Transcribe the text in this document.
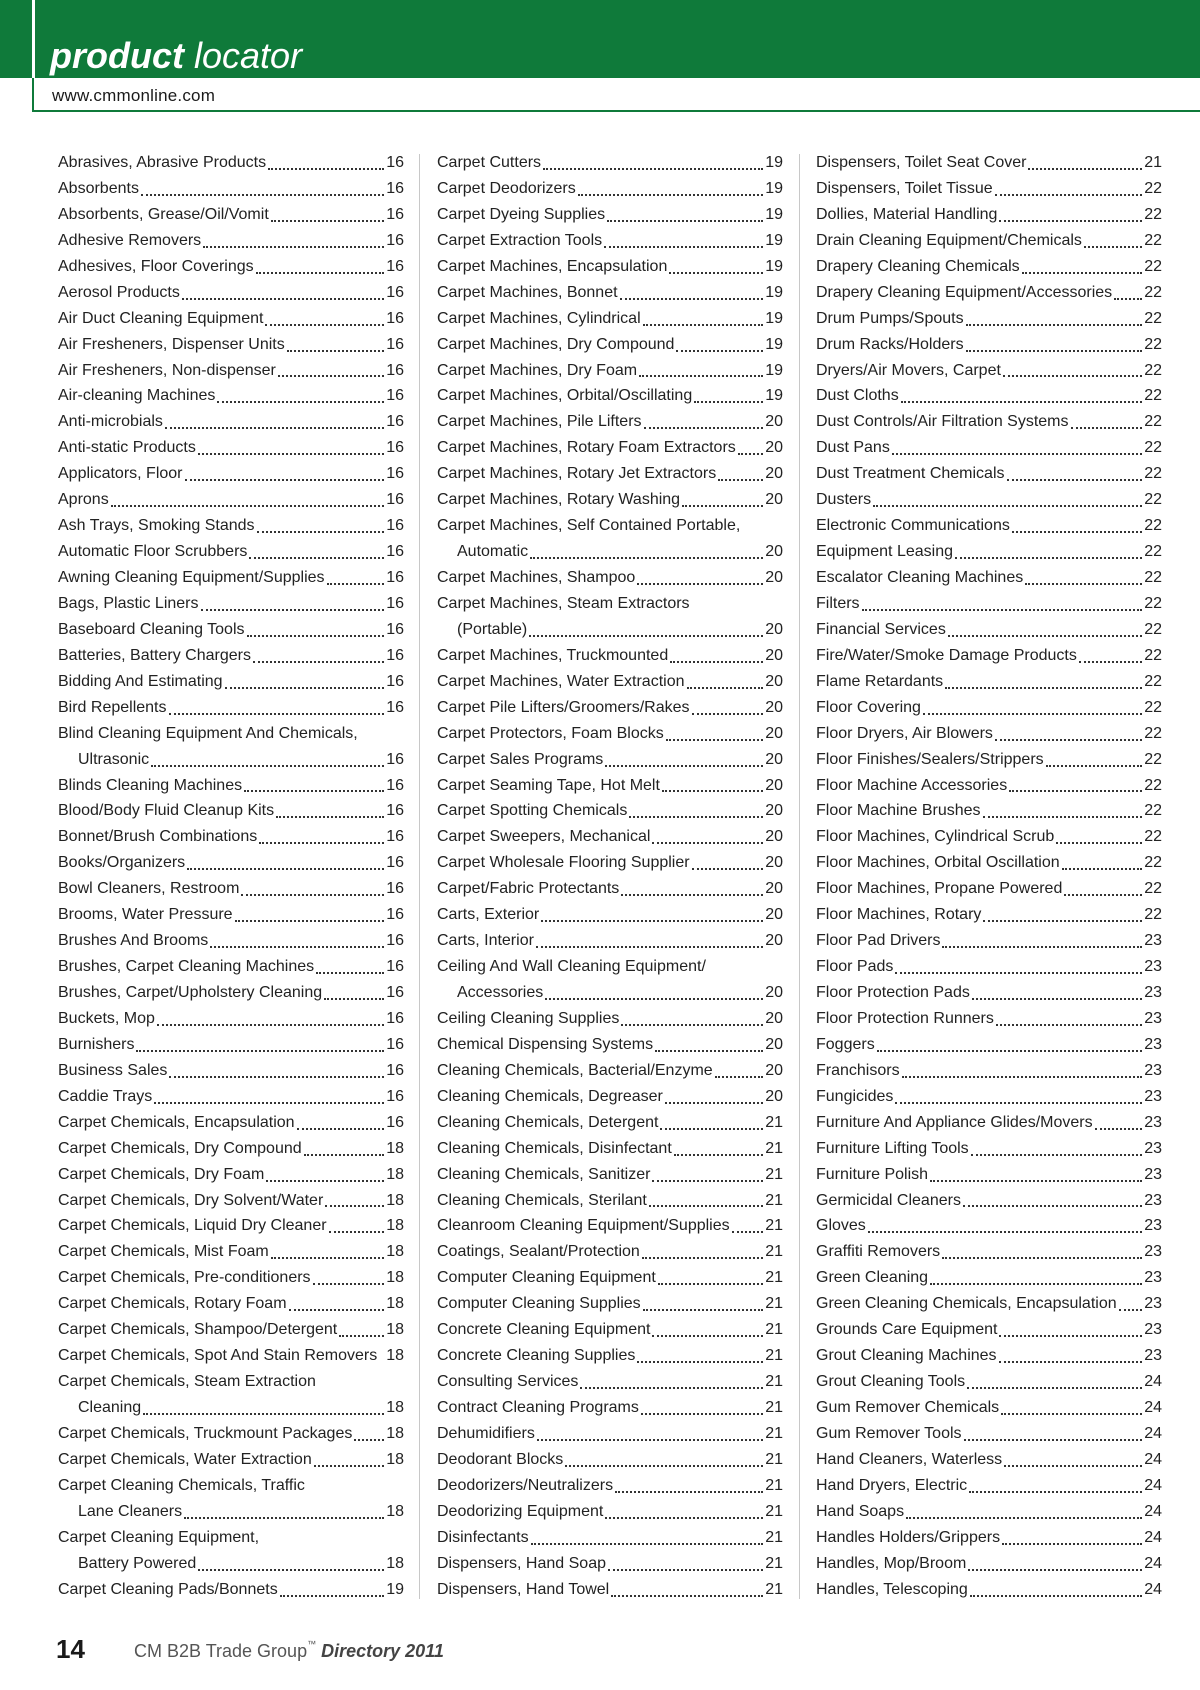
product locator
www.cmmonline.com
Abrasives, Abrasive Products	16
Absorbents	16
Absorbents, Grease/Oil/Vomit	16
Adhesive Removers	16
Adhesives, Floor Coverings	16
Aerosol Products	16
Air Duct Cleaning Equipment	16
Air Fresheners, Dispenser Units	16
Air Fresheners, Non-dispenser	16
Air-cleaning Machines	16
Anti-microbials	16
Anti-static Products	16
Applicators, Floor	16
Aprons	16
Ash Trays, Smoking Stands	16
Automatic Floor Scrubbers	16
Awning Cleaning Equipment/Supplies	16
Bags, Plastic Liners	16
Baseboard Cleaning Tools	16
Batteries, Battery Chargers	16
Bidding And Estimating	16
Bird Repellents	16
Blind Cleaning Equipment And Chemicals,
Ultrasonic	16
Blinds Cleaning Machines	16
Blood/Body Fluid Cleanup Kits	16
Bonnet/Brush Combinations	16
Books/Organizers	16
Bowl Cleaners, Restroom	16
Brooms, Water Pressure	16
Brushes And Brooms	16
Brushes, Carpet Cleaning Machines	16
Brushes, Carpet/Upholstery Cleaning	16
Buckets, Mop	16
Burnishers	16
Business Sales	16
Caddie Trays	16
Carpet Chemicals, Encapsulation	16
Carpet Chemicals, Dry Compound	18
Carpet Chemicals, Dry Foam	18
Carpet Chemicals, Dry Solvent/Water	18
Carpet Chemicals, Liquid Dry Cleaner	18
Carpet Chemicals, Mist Foam	18
Carpet Chemicals, Pre-conditioners	18
Carpet Chemicals, Rotary Foam	18
Carpet Chemicals, Shampoo/Detergent	18
Carpet Chemicals, Spot And Stain Removers 18
Carpet Chemicals, Steam Extraction
Cleaning	18
Carpet Chemicals, Truckmount Packages 18
Carpet Chemicals, Water Extraction	18
Carpet Cleaning Chemicals, Traffic
Lane Cleaners	18
Carpet Cleaning Equipment,
Battery Powered	18
Carpet Cleaning Pads/Bonnets	19
Carpet Cutters	19
Carpet Deodorizers	19
Carpet Dyeing Supplies	19
Carpet Extraction Tools	19
Carpet Machines, Encapsulation	19
Carpet Machines, Bonnet	19
Carpet Machines, Cylindrical	19
Carpet Machines, Dry Compound	19
Carpet Machines, Dry Foam	19
Carpet Machines, Orbital/Oscillating	19
Carpet Machines, Pile Lifters	20
Carpet Machines, Rotary Foam Extractors 20
Carpet Machines, Rotary Jet Extractors	20
Carpet Machines, Rotary Washing	20
Carpet Machines, Self Contained Portable,
Automatic	20
Carpet Machines, Shampoo	20
Carpet Machines, Steam Extractors
(Portable)	20
Carpet Machines, Truckmounted	20
Carpet Machines, Water Extraction	20
Carpet Pile Lifters/Groomers/Rakes	20
Carpet Protectors, Foam Blocks	20
Carpet Sales Programs	20
Carpet Seaming Tape, Hot Melt	20
Carpet Spotting Chemicals	20
Carpet Sweepers, Mechanical	20
Carpet Wholesale Flooring Supplier	20
Carpet/Fabric Protectants	20
Carts, Exterior	20
Carts, Interior	20
Ceiling And Wall Cleaning Equipment/
Accessories	20
Ceiling Cleaning Supplies	20
Chemical Dispensing Systems	20
Cleaning Chemicals, Bacterial/Enzyme	20
Cleaning Chemicals, Degreaser	20
Cleaning Chemicals, Detergent	21
Cleaning Chemicals, Disinfectant	21
Cleaning Chemicals, Sanitizer	21
Cleaning Chemicals, Sterilant	21
Cleanroom Cleaning Equipment/Supplies 21
Coatings, Sealant/Protection	21
Computer Cleaning Equipment	21
Computer Cleaning Supplies	21
Concrete Cleaning Equipment	21
Concrete Cleaning Supplies	21
Consulting Services	21
Contract Cleaning Programs	21
Dehumidifiers	21
Deodorant Blocks	21
Deodorizers/Neutralizers	21
Deodorizing Equipment	21
Disinfectants	21
Dispensers, Hand Soap	21
Dispensers, Hand Towel	21
Dispensers, Toilet Seat Cover	21
Dispensers, Toilet Tissue	22
Dollies, Material Handling	22
Drain Cleaning Equipment/Chemicals	22
Drapery Cleaning Chemicals	22
Drapery Cleaning Equipment/Accessories 22
Drum Pumps/Spouts	22
Drum Racks/Holders	22
Dryers/Air Movers, Carpet	22
Dust Cloths	22
Dust Controls/Air Filtration Systems	22
Dust Pans	22
Dust Treatment Chemicals	22
Dusters	22
Electronic Communications	22
Equipment Leasing	22
Escalator Cleaning Machines	22
Filters	22
Financial Services	22
Fire/Water/Smoke Damage Products	22
Flame Retardants	22
Floor Covering	22
Floor Dryers, Air Blowers	22
Floor Finishes/Sealers/Strippers	22
Floor Machine Accessories	22
Floor Machine Brushes	22
Floor Machines, Cylindrical Scrub	22
Floor Machines, Orbital Oscillation	22
Floor Machines, Propane Powered	22
Floor Machines, Rotary	22
Floor Pad Drivers	23
Floor Pads	23
Floor Protection Pads	23
Floor Protection Runners	23
Foggers	23
Franchisors	23
Fungicides	23
Furniture And Appliance Glides/Movers	23
Furniture Lifting Tools	23
Furniture Polish	23
Germicidal Cleaners	23
Gloves	23
Graffiti Removers	23
Green Cleaning	23
Green Cleaning Chemicals, Encapsulation 23
Grounds Care Equipment	23
Grout Cleaning Machines	23
Grout Cleaning Tools	24
Gum Remover Chemicals	24
Gum Remover Tools	24
Hand Cleaners, Waterless	24
Hand Dryers, Electric	24
Hand Soaps	24
Handles Holders/Grippers	24
Handles, Mop/Broom	24
Handles, Telescoping	24
14	CM B2B Trade Group™ Directory 2011
